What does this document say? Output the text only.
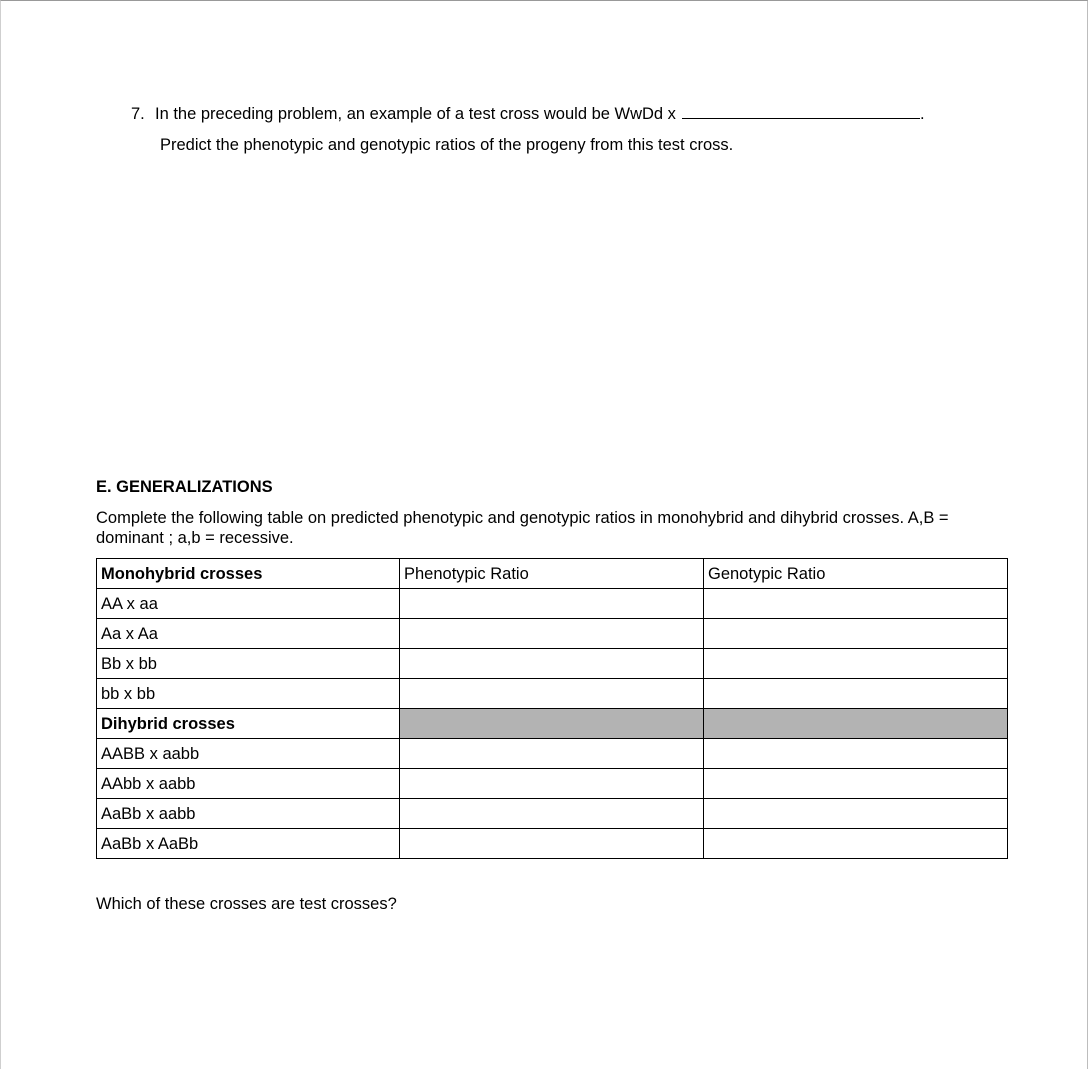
7. In the preceding problem, an example of a test cross would be WwDd x	.
Predict the phenotypic and genotypic ratios of the progeny from this test cross.
E. GENERALIZATIONS
Complete the following table on predicted phenotypic and genotypic ratios in monohybrid and dihybrid crosses. A,B = dominant ; a,b = recessive.
Monohybrid crosses	Phenotypic Ratio	Genotypic Ratio
AA x aa		
Aa x Aa		
Bb x bb		
bb x bb		
Dihybrid crosses		
AABB x aabb		
AAbb x aabb		
AaBb x aabb		
AaBb x AaBb		
Which of these crosses are test crosses?
